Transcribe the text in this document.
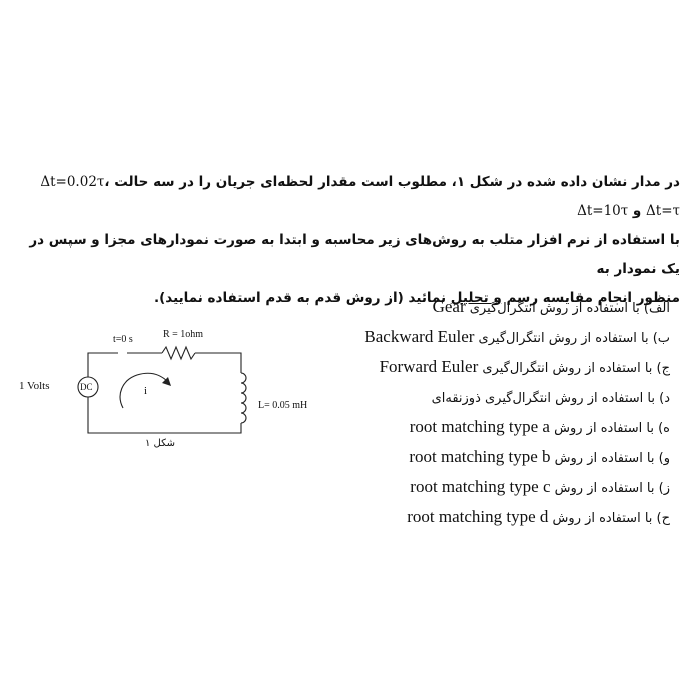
در مدار نشان داده شده در شکل ۱، مطلوب است مقدار لحظه‌ای جریان را در سه حالت Δt=0.02τ، Δt=τ و Δt=10τ
با استفاده از نرم افزار متلب به روش‌های زیر محاسبه و ابتدا به صورت نمودارهای مجزا و سپس در یک نمودار به
منظور انجام مقایسه رسم و تحلیل نمائید (از روش قدم به قدم استفاده نمایید).
الف) با استفاده از روش انتگرال‌گیری Gear
ب) با استفاده از روش انتگرال‌گیری Backward Euler
ج) با استفاده از روش انتگرال‌گیری Forward Euler
د) با استفاده از روش انتگرال‌گیری ذوزنقه‌ای
ه) با استفاده از روش root matching type a
و) با استفاده از روش root matching type b
ز) با استفاده از روش root matching type c
ح) با استفاده از روش root matching type d
t=0 s	R = 1ohm
1 Volts	DC	i
L= 0.05 mH
شکل ۱
